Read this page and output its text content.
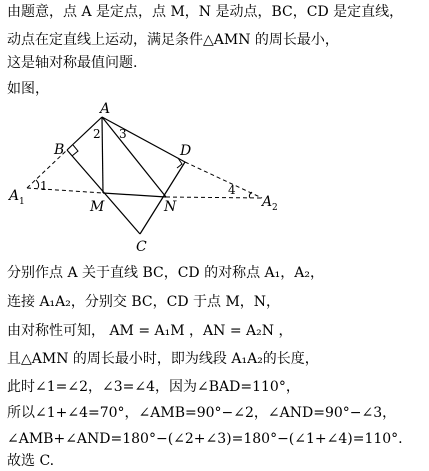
由题意，点 A 是定点，点 M，N 是动点，BC，CD 是定直线，
动点在定直线上运动，满足条件△AMN 的周长最小，
这是轴对称最值问题.
如图，
A
B	D
M	N
C
A 1	A 2
1
2 3
4
分别作点 A 关于直线 BC，CD 的对称点 A₁，A₂，
连接 A₁A₂，分别交 BC，CD 于点 M，N，
由对称性可知， AM = A₁M ，AN = A₂N ，
且△AMN 的周长最小时，即为线段 A₁A₂的长度，
此时∠1=∠2，∠3=∠4，因为∠BAD=110°，
所以∠1+∠4=70°，∠AMB=90°−∠2，∠AND=90°−∠3，
∠AMB+∠AND=180°−(∠2+∠3)=180°−(∠1+∠4)=110°.
故选 C.
